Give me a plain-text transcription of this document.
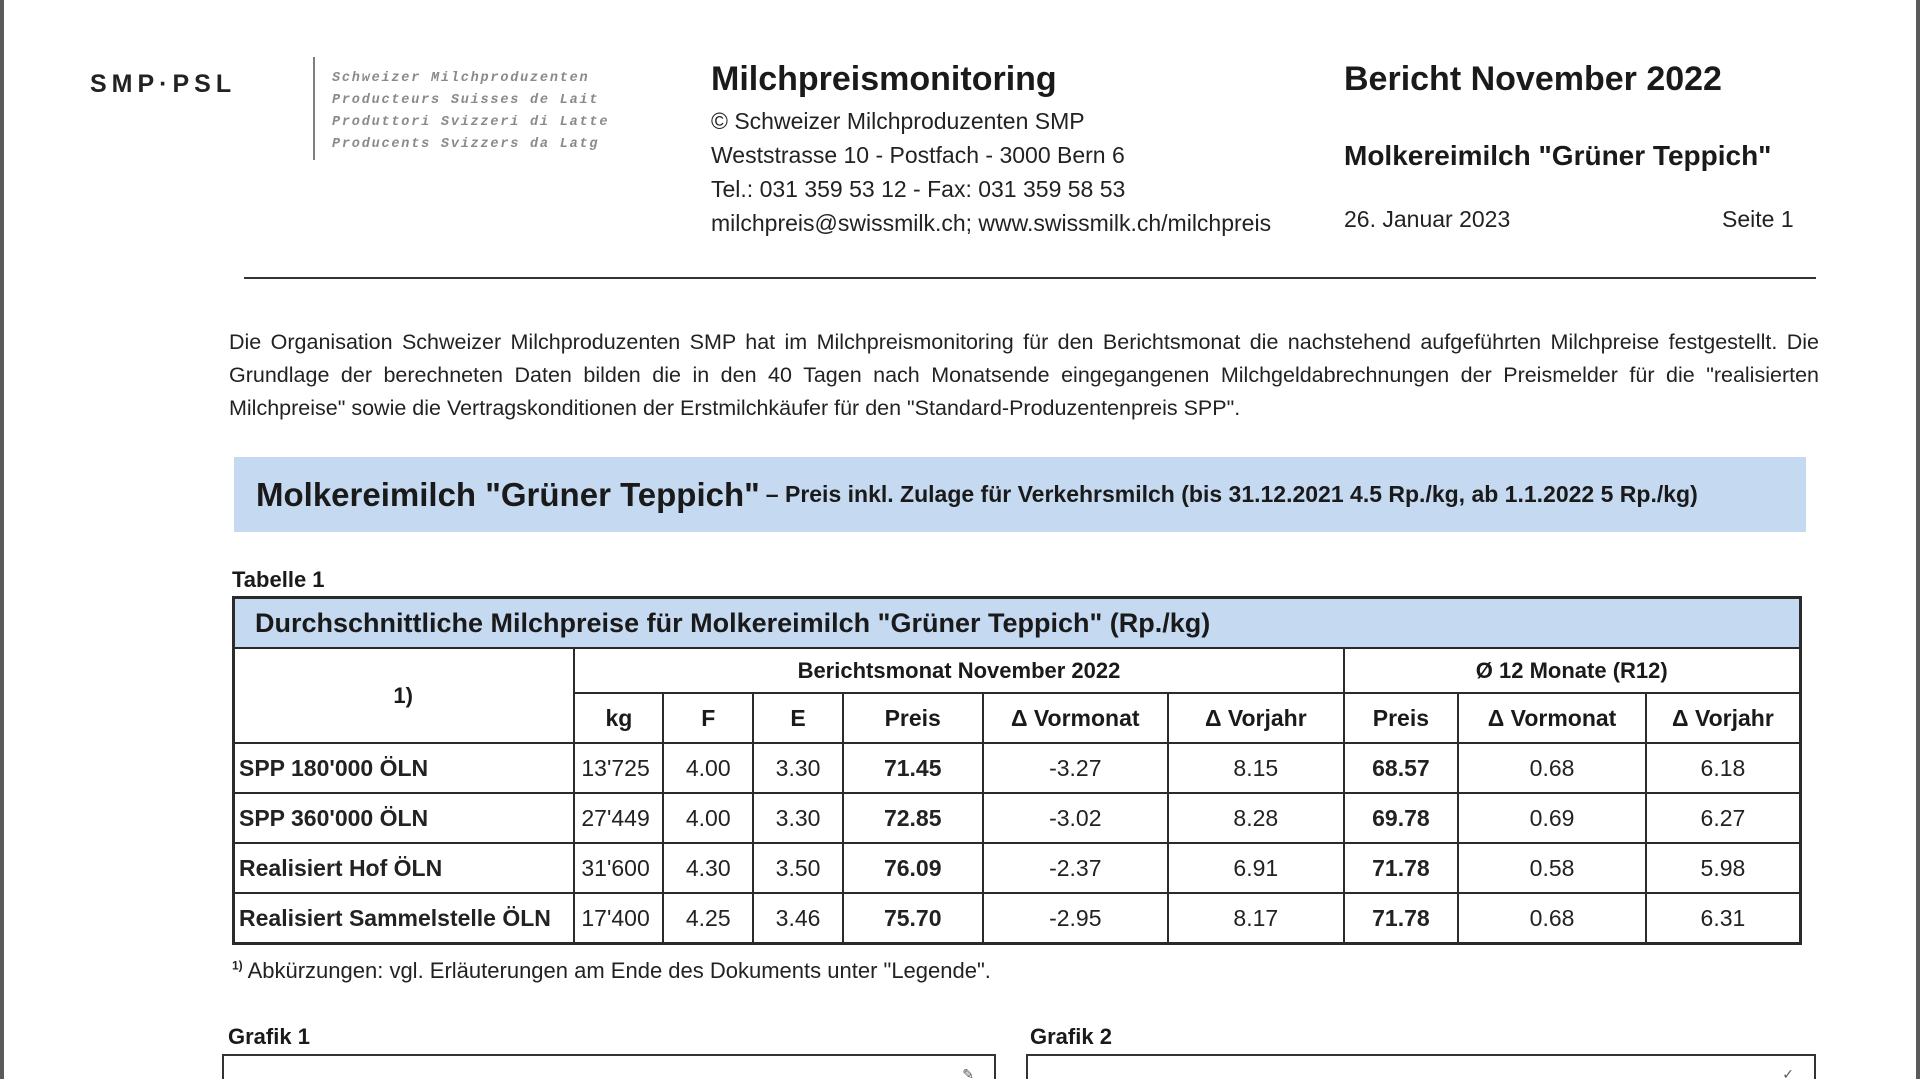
SMP·PSL	Schweizer Milchproduzenten
Producteurs Suisses de Lait
Produttori Svizzeri di Latte
Producents Svizzers da Latg
Milchpreismonitoring
© Schweizer Milchproduzenten SMP
Weststrasse 10 - Postfach - 3000 Bern 6
Tel.: 031 359 53 12 - Fax: 031 359 58 53
milchpreis@swissmilk.ch; www.swissmilk.ch/milchpreis
Bericht November 2022
Molkereimilch "Grüner Teppich"
26. Januar 2023	Seite 1
Die Organisation Schweizer Milchproduzenten SMP hat im Milchpreismonitoring für den Berichtsmonat die nachstehend aufgeführten Milchpreise festgestellt. Die Grundlage der berechneten Daten bilden die in den 40 Tagen nach Monatsende eingegangenen Milchgeldabrechnungen der Preismelder für die "realisierten Milchpreise" sowie die Vertragskonditionen der Erstmilchkäufer für den "Standard-Produzentenpreis SPP".
Molkereimilch "Grüner Teppich" – Preis inkl. Zulage für Verkehrsmilch (bis 31.12.2021 4.5 Rp./kg, ab 1.1.2022 5 Rp./kg)
Tabelle 1
Durchschnittliche Milchpreise für Molkereimilch "Grüner Teppich" (Rp./kg)									
1)	Berichtsmonat November 2022						Ø 12 Monate (R12)		
	kg	F	E	Preis	Δ Vormonat	Δ Vorjahr	Preis	Δ Vormonat	Δ Vorjahr
SPP 180'000 ÖLN	13'725	4.00	3.30	71.45	-3.27	8.15	68.57	0.68	6.18
SPP 360'000 ÖLN	27'449	4.00	3.30	72.85	-3.02	8.28	69.78	0.69	6.27
Realisiert Hof ÖLN	31'600	4.30	3.50	76.09	-2.37	6.91	71.78	0.58	5.98
Realisiert Sammelstelle ÖLN	17'400	4.25	3.46	75.70	-2.95	8.17	71.78	0.68	6.31
$^{1)}$ Abkürzungen: vgl. Erläuterungen am Ende des Dokuments unter "Legende".
Grafik 1	Grafik 2
✎	✓
